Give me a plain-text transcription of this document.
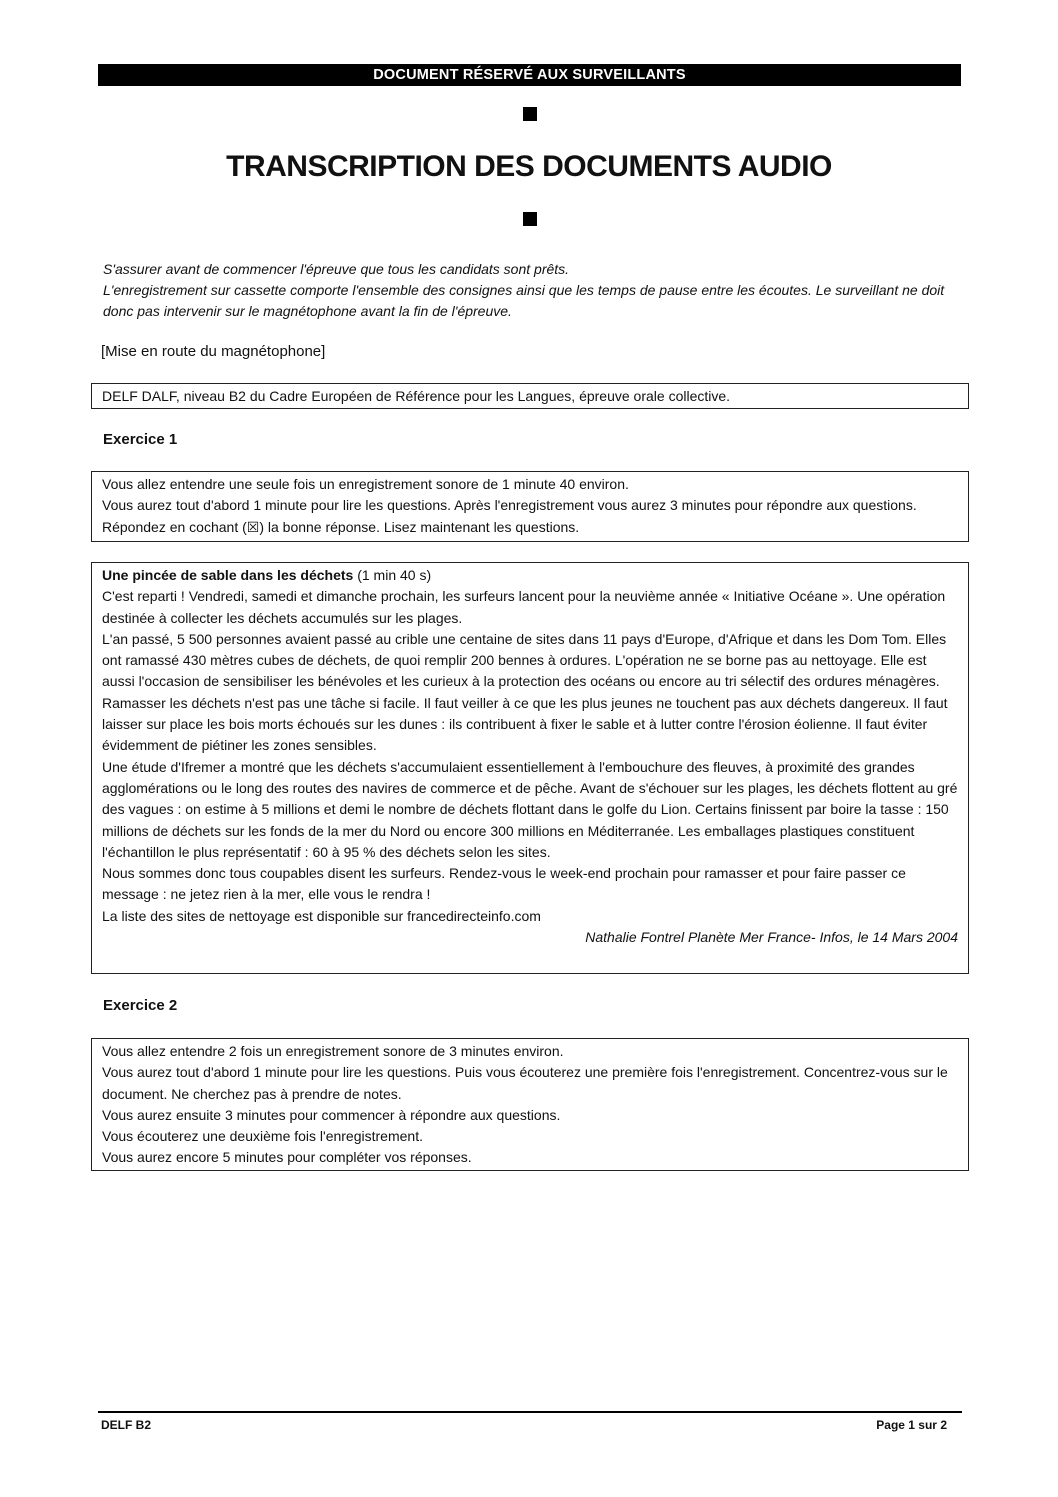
DOCUMENT RÉSERVÉ AUX SURVEILLANTS
TRANSCRIPTION DES DOCUMENTS AUDIO

S'assurer avant de commencer l'épreuve que tous les candidats sont prêts.

L'enregistrement sur cassette comporte l'ensemble des consignes ainsi que les temps de pause entre les écoutes. Le surveillant ne doit donc pas intervenir sur le magnétophone avant la fin de l'épreuve.

[Mise en route du magnétophone]

DELF DALF, niveau B2 du Cadre Européen de Référence pour les Langues, épreuve orale collective.

Exercice 1

Vous allez entendre une seule fois un enregistrement sonore de 1 minute 40 environ.

Vous aurez tout d'abord 1 minute pour lire les questions. Après l'enregistrement vous aurez 3 minutes pour répondre aux questions.

Répondez en cochant (☒) la bonne réponse. Lisez maintenant les questions.

Une pincée de sable dans les déchets (1 min 40 s)

C'est reparti ! Vendredi, samedi et dimanche prochain, les surfeurs lancent pour la neuvième année « Initiative Océane ». Une opération destinée à collecter les déchets accumulés sur les plages.

L'an passé, 5 500 personnes avaient passé au crible une centaine de sites dans 11 pays d'Europe, d'Afrique et dans les Dom Tom. Elles ont ramassé 430 mètres cubes de déchets, de quoi remplir 200 bennes à ordures. L'opération ne se borne pas au nettoyage. Elle est aussi l'occasion de sensibiliser les bénévoles et les curieux à la protection des océans ou encore au tri sélectif des ordures ménagères.

Ramasser les déchets n'est pas une tâche si facile. Il faut veiller à ce que les plus jeunes ne touchent pas aux déchets dangereux. Il faut laisser sur place les bois morts échoués sur les dunes : ils contribuent à fixer le sable et à lutter contre l'érosion éolienne. Il faut éviter évidemment de piétiner les zones sensibles.

Une étude d'Ifremer a montré que les déchets s'accumulaient essentiellement à l'embouchure des fleuves, à proximité des grandes agglomérations ou le long des routes des navires de commerce et de pêche. Avant de s'échouer sur les plages, les déchets flottent au gré des vagues : on estime à 5 millions et demi le nombre de déchets flottant dans le golfe du Lion. Certains finissent par boire la tasse : 150 millions de déchets sur les fonds de la mer du Nord ou encore 300 millions en Méditerranée. Les emballages plastiques constituent l'échantillon le plus représentatif : 60 à 95 % des déchets selon les sites.

Nous sommes donc tous coupables disent les surfeurs. Rendez-vous le week-end prochain pour ramasser et pour faire passer ce message : ne jetez rien à la mer, elle vous le rendra !

La liste des sites de nettoyage est disponible sur francedirecteinfo.com

Nathalie Fontrel Planète Mer France- Infos, le 14 Mars 2004

Exercice 2

Vous allez entendre 2 fois un enregistrement sonore de 3 minutes environ.

Vous aurez tout d'abord 1 minute pour lire les questions. Puis vous écouterez une première fois l'enregistrement. Concentrez-vous sur le document. Ne cherchez pas à prendre de notes.

Vous aurez ensuite 3 minutes pour commencer à répondre aux questions.

Vous écouterez une deuxième fois l'enregistrement.

Vous aurez encore 5 minutes pour compléter vos réponses.

DELF B2	Page 1 sur 2
